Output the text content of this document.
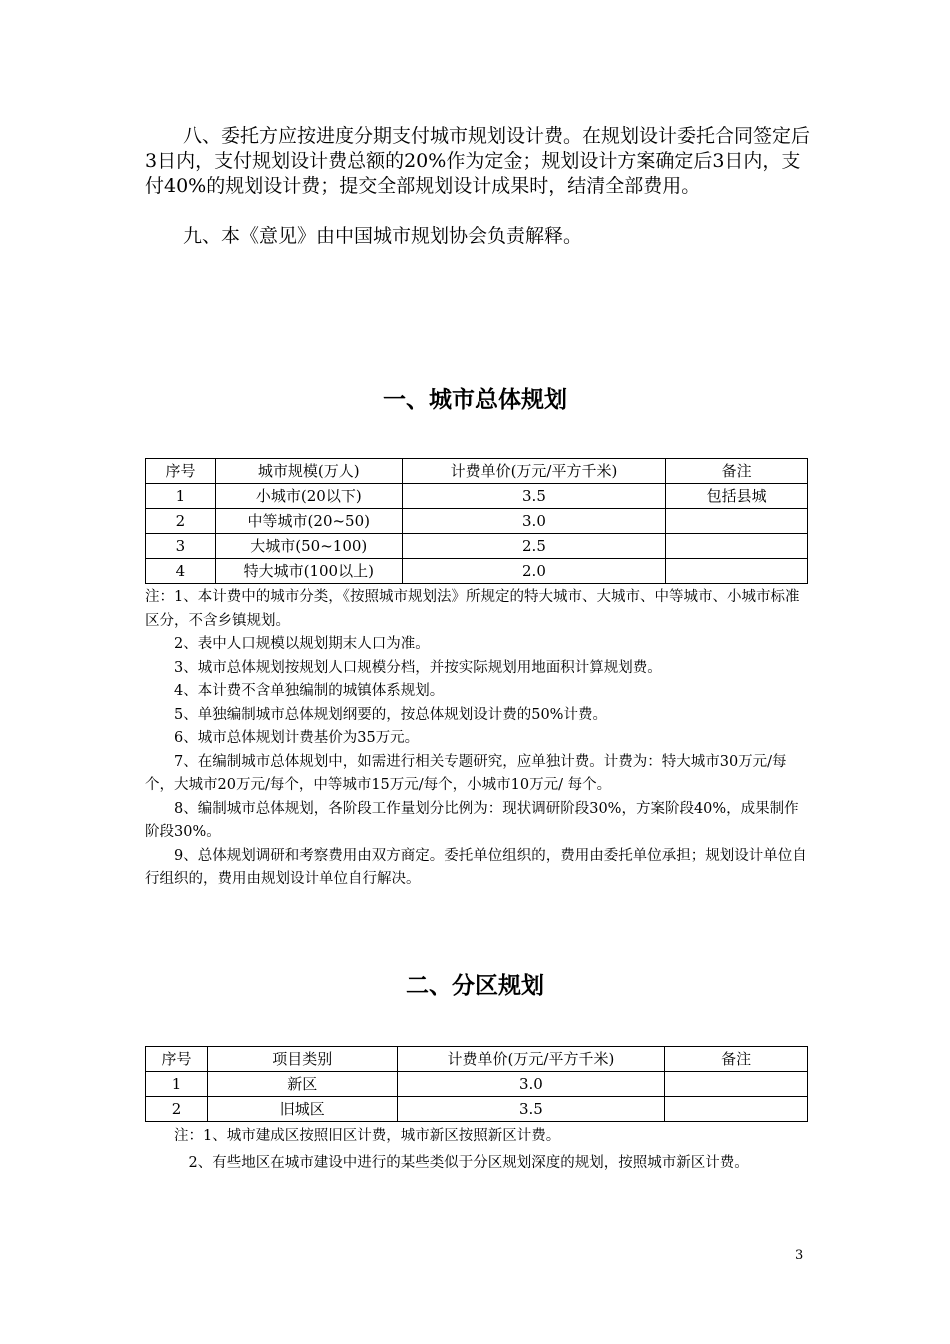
　　八、委托方应按进度分期支付城市规划设计费。在规划设计委托合同签定后3日内，支付规划设计费总额的20%作为定金；规划设计方案确定后3日内，支付40%的规划设计费；提交全部规划设计成果时，结清全部费用。

　　九、本《意见》由中国城市规划协会负责解释。

一、城市总体规划
序号	城市规模(万人)	计费单价(万元/平方千米)	备注
1	小城市(20以下)	3.5	包括县城
2	中等城市(20~50)	3.0	
3	大城市(50~100)	2.5	
4	特大城市(100以上)	2.0	

注：1、本计费中的城市分类，《按照城市规划法》所规定的特大城市、大城市、中等城市、小城市标准区分，不含乡镇规划。

　　2、表中人口规模以规划期末人口为准。

　　3、城市总体规划按规划人口规模分档，并按实际规划用地面积计算规划费。

　　4、本计费不含单独编制的城镇体系规划。

　　5、单独编制城市总体规划纲要的，按总体规划设计费的50%计费。

　　6、城市总体规划计费基价为35万元。

　　7、在编制城市总体规划中，如需进行相关专题研究，应单独计费。计费为：特大城市30万元/每个，大城市20万元/每个，中等城市15万元/每个，小城市10万元/ 每个。

　　8、编制城市总体规划，各阶段工作量划分比例为：现状调研阶段30%，方案阶段40%，成果制作阶段30%。

　　9、总体规划调研和考察费用由双方商定。委托单位组织的，费用由委托单位承担；规划设计单位自行组织的，费用由规划设计单位自行解决。

二、分区规划
序号	项目类别	计费单价(万元/平方千米)	备注
1	新区	3.0	
2	旧城区	3.5	

　　注：1、城市建成区按照旧区计费，城市新区按照新区计费。

　　　2、有些地区在城市建设中进行的某些类似于分区规划深度的规划，按照城市新区计费。

3
